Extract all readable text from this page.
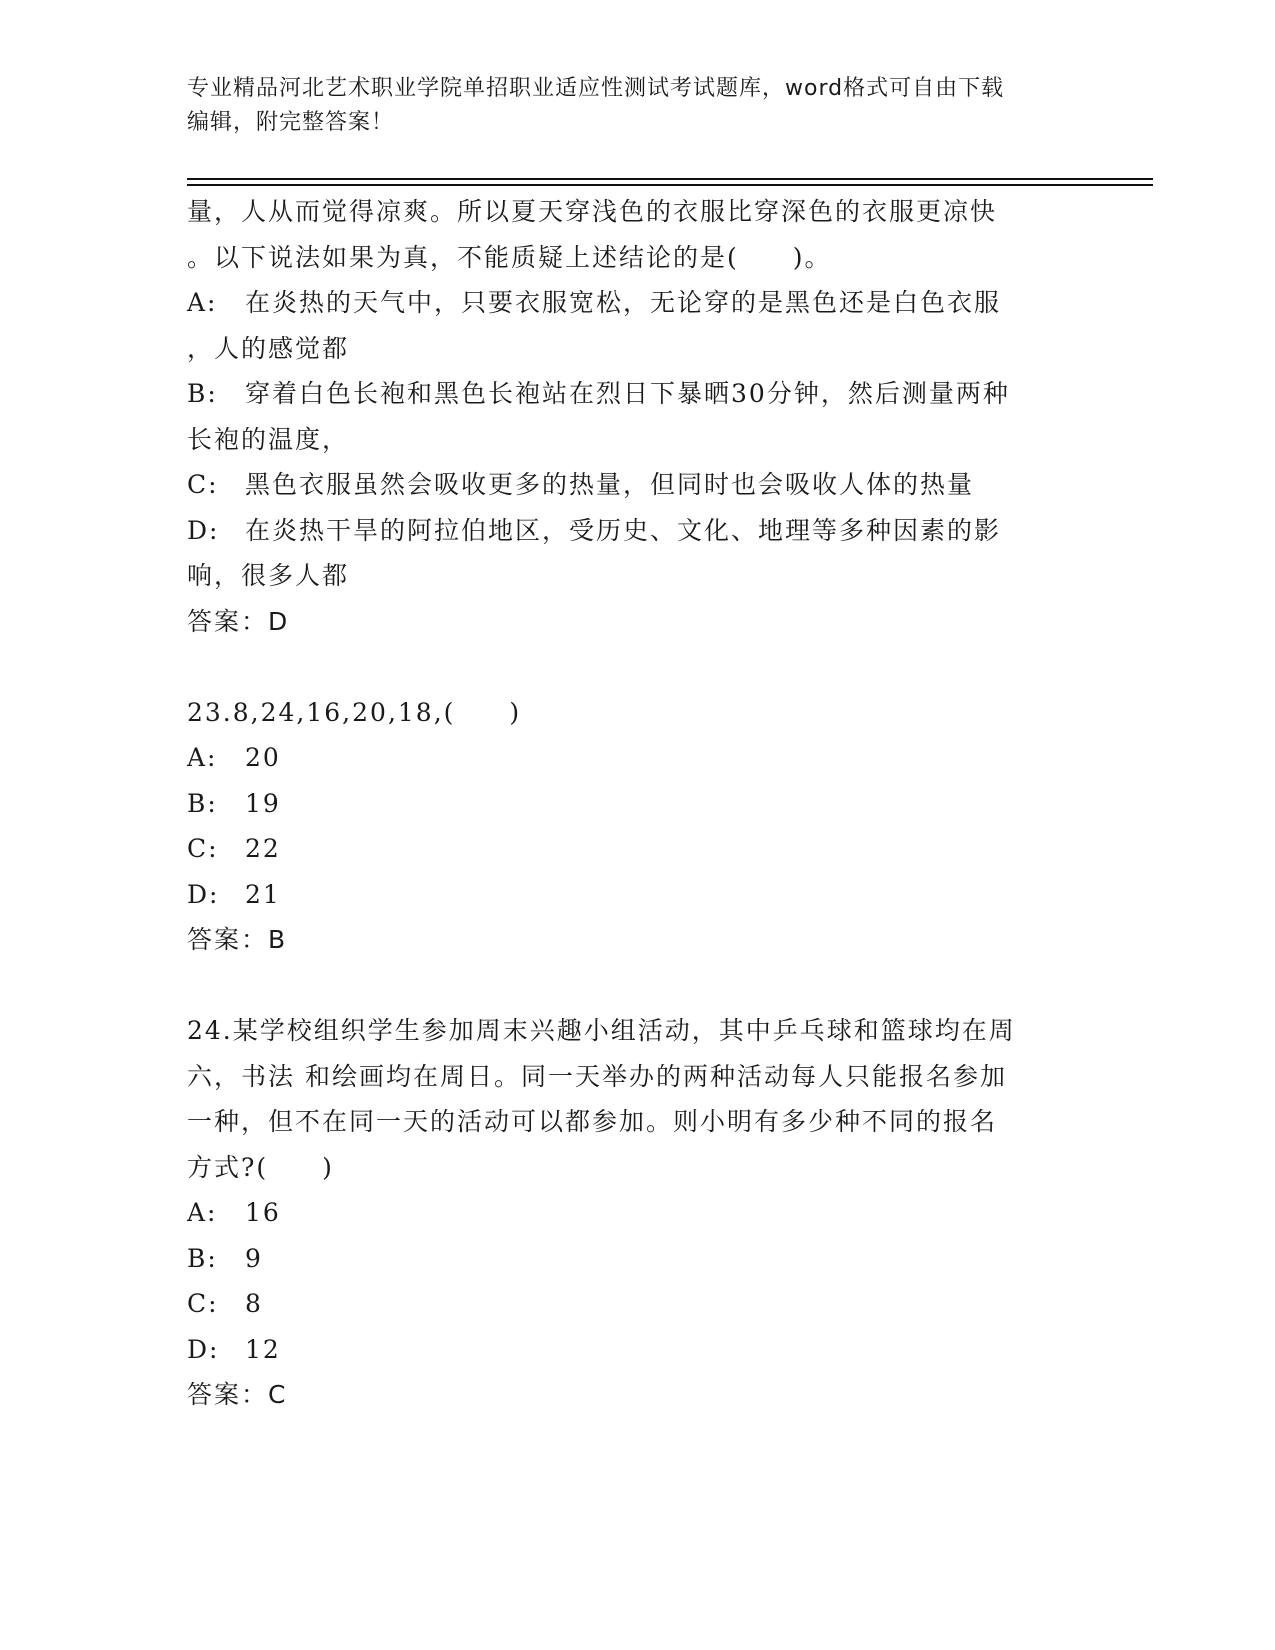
专业精品河北艺术职业学院单招职业适应性测试考试题库，word格式可自由下载
编辑，附完整答案！

量，人从而觉得凉爽。所以夏天穿浅色的衣服比穿深色的衣服更凉快

。以下说法如果为真，不能质疑上述结论的是(　　)。

A: 在炎热的天气中，只要衣服宽松，无论穿的是黑色还是白色衣服

，人的感觉都

B: 穿着白色长袍和黑色长袍站在烈日下暴晒30分钟，然后测量两种

长袍的温度，

C: 黑色衣服虽然会吸收更多的热量，但同时也会吸收人体的热量

D: 在炎热干旱的阿拉伯地区，受历史、文化、地理等多种因素的影

响，很多人都

答案：D

23.8,24,16,20,18,(　　)

A: 20

B: 19

C: 22

D: 21

答案：B

24.某学校组织学生参加周末兴趣小组活动，其中乒乓球和篮球均在周

六，书法 和绘画均在周日。同一天举办的两种活动每人只能报名参加

一种，但不在同一天的活动可以都参加。则小明有多少种不同的报名

方式?(　　)

A: 16

B: 9

C: 8

D: 12

答案：C
